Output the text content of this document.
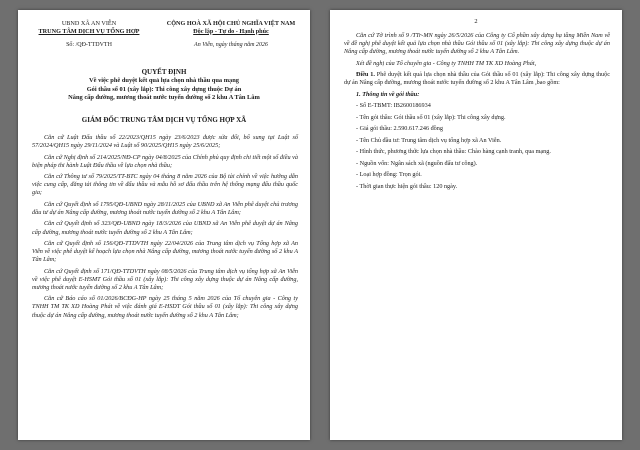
UBND XÃ AN VIỄN
TRUNG TÂM DỊCH VỤ TỔNG HỢP
CỘNG HOÀ XÃ HỘI CHỦ NGHĨA VIỆT NAM
Độc lập - Tự do - Hạnh phúc
Số: /QĐ-TTDVTH	An Viễn, ngày tháng năm 2026
QUYẾT ĐỊNH
Về việc phê duyệt kết quả lựa chọn nhà thầu qua mạng
Gói thầu số 01 (xây lắp): Thi công xây dựng thuộc Dự án
Nâng cấp đường, mương thoát nước tuyến đường số 2 khu A Tân Lâm
GIÁM ĐỐC TRUNG TÂM DỊCH VỤ TỔNG HỢP XÃ

Căn cứ Luật Đấu thầu số 22/2023/QH15 ngày 23/6/2023 được sửa đổi, bổ sung tại Luật số 57/2024/QH15 ngày 29/11/2024 và Luật số 90/2025/QH15 ngày 25/6/2025;

Căn cứ Nghị định số 214/2025/NĐ-CP ngày 04/8/2025 của Chính phủ quy định chi tiết một số điều và biện pháp thi hành Luật Đấu thầu về lựa chọn nhà thầu;

Căn cứ Thông tư số 79/2025/TT-BTC ngày 04 tháng 8 năm 2026 của Bộ tài chính về việc hướng dẫn việc cung cấp, đăng tải thông tin về đấu thầu và mẫu hồ sơ đấu thầu trên hệ thống mạng đấu thầu quốc gia;

Căn cứ Quyết định số 1795/QĐ-UBND ngày 28/11/2025 của UBND xã An Viễn phê duyệt chủ trương đầu tư dự án Nâng cấp đường, mương thoát nước tuyến đường số 2 khu A Tân Lâm;

Căn cứ Quyết định số 323/QĐ-UBND ngày 18/3/2026 của UBND xã An Viễn phê duyệt dự án Nâng cấp đường, mương thoát nước tuyến đường số 2 khu A Tân Lâm;

Căn cứ Quyết định số 156/QĐ-TTDVTH ngày 22/04/2026 của Trung tâm dịch vụ Tổng hợp xã An Viễn về việc phê duyệt kế hoạch lựa chọn nhà Nâng cấp đường, mương thoát nước tuyến đường số 2 khu A Tân Lâm;

Căn cứ Quyết định số 171/QĐ-TTDVTH ngày 08/5/2026 của Trung tâm dịch vụ tổng hợp xã An Viễn về việc phê duyệt E-HSMT Gói thầu số 01 (xây lắp): Thi công xây dựng thuộc dự án Nâng cấp đường, mương thoát nước tuyến đường số 2 khu A Tân Lâm;

Căn cứ Báo cáo số 01/2026/BCĐG-HP ngày 25 tháng 5 năm 2026 của Tổ chuyên gia - Công ty TNHH TM TK XD Hoàng Phát về việc đánh giá E-HSDT Gói thầu số 01 (xây lắp): Thi công xây dựng thuộc dự án Nâng cấp đường, mương thoát nước tuyến đường số 2 khu A Tân Lâm;

2

Căn cứ Tờ trình số 9 /TTr-MN ngày 26/5/2026 của Công ty Cổ phần xây dựng hạ tầng Miền Nam về về đề nghị phê duyệt kết quả lựa chọn nhà thầu Gói thầu số 01 (xây lắp): Thi công xây dựng thuộc dự án Nâng cấp đường, mương thoát nước tuyến đường số 2 khu A Tân Lâm.

Xét đề nghị của Tổ chuyên gia - Công ty TNHH TM TK XD Hoàng Phát,

Điều 1. Phê duyệt kết quả lựa chọn nhà thầu của Gói thầu số 01 (xây lắp): Thi công xây dựng thuộc dự án Nâng cấp đường, mương thoát nước tuyến đường số 2 khu A Tân Lâm ,bao gồm:

1. Thông tin về gói thầu:

- Số E-TBMT: IB2600186934

- Tên gói thầu: Gói thầu số 01 (xây lắp): Thi công xây dựng.

- Giá gói thầu: 2.590.617.246 đồng

- Tên Chủ đầu tư: Trung tâm dịch vụ tổng hợp xã An Viễn.

- Hình thức, phương thức lựa chọn nhà thầu: Chào hàng cạnh tranh, qua mạng.

- Nguồn vốn: Ngân sách xã (nguồn đấu tư công).

- Loại hợp đồng: Trọn gói.

- Thời gian thực hiện gói thầu: 120 ngày.
